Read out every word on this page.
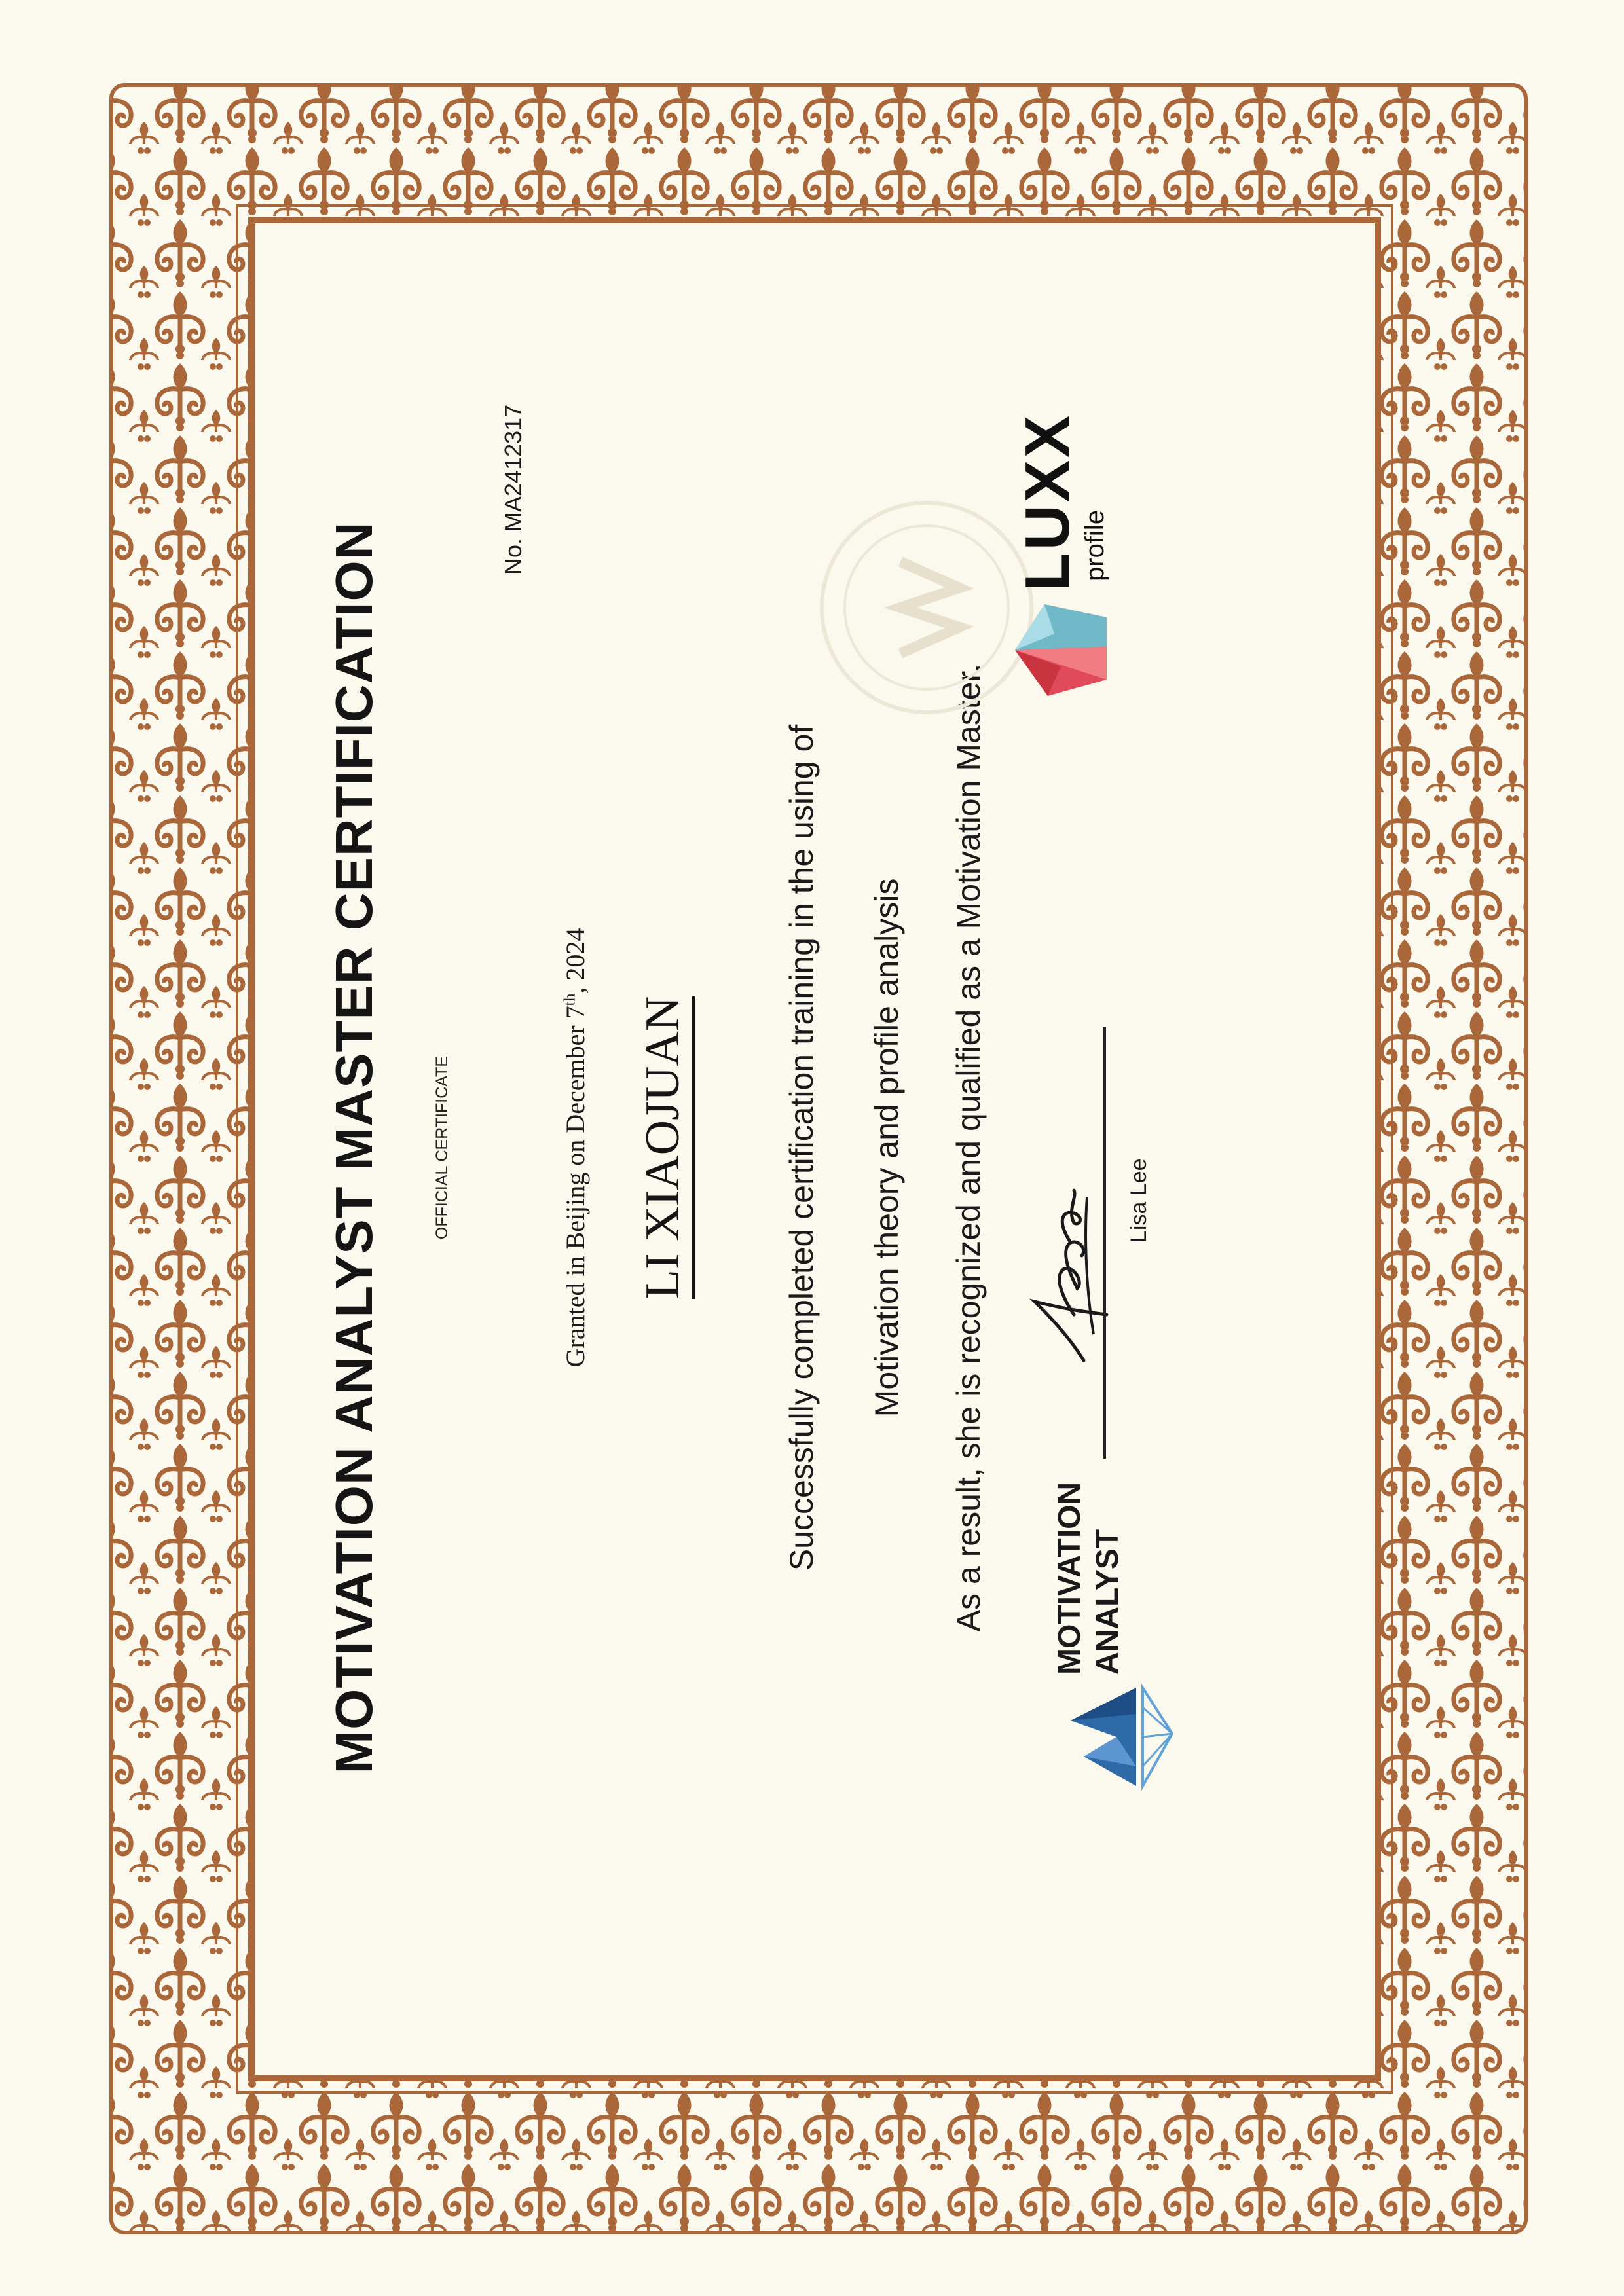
MOTIVATION ANALYST MASTER CERTIFICATION	OFFICIAL CERTIFICATE
No. MA2412317
Granted in Beijing on December 7th, 2024
LI XIAOJUAN	Successfully completed certification training in the using of Motivation theory and profile analysis As a result, she is recognized and qualified as a Motivation Master.	Lisa Lee
MOTIVATION ANALYST
LUXX
profile
